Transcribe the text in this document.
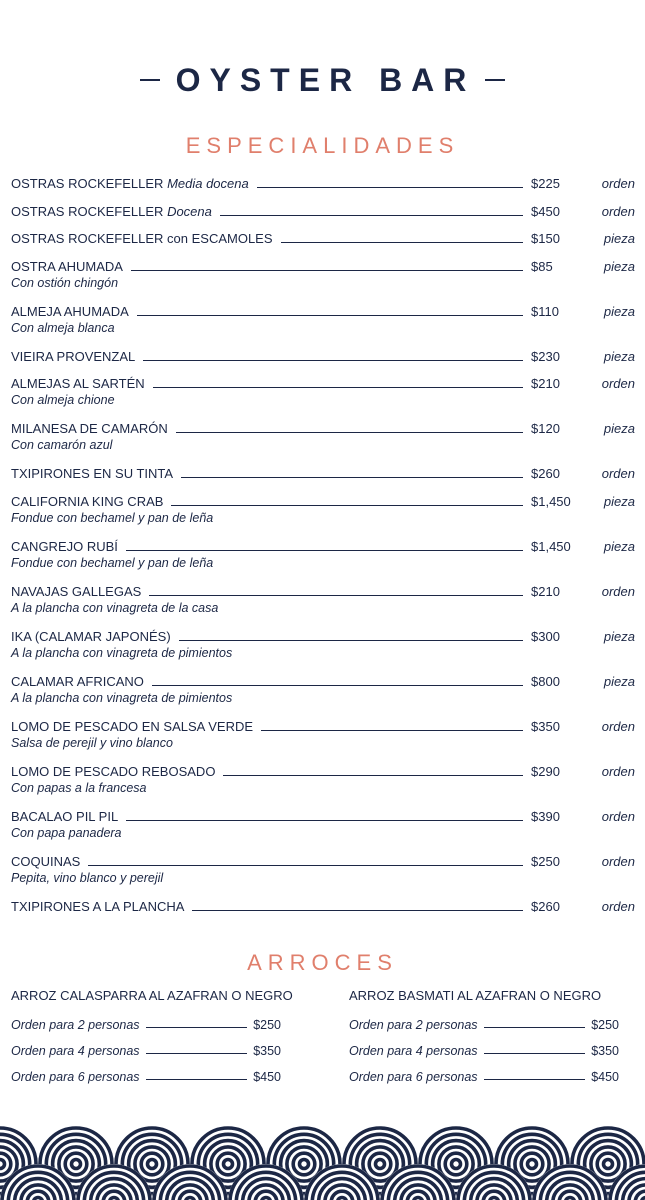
OYSTER BAR
ESPECIALIDADES
OSTRAS ROCKEFELLER Media docena	$225	orden
OSTRAS ROCKEFELLER Docena	$450	orden
OSTRAS ROCKEFELLER con ESCAMOLES	$150	pieza
OSTRA AHUMADA	$85	pieza
Con ostión chingón
ALMEJA AHUMADA	$110	pieza
Con almeja blanca
VIEIRA PROVENZAL	$230	pieza
ALMEJAS AL SARTÉN	$210	orden
Con almeja chione
MILANESA DE CAMARÓN	$120	pieza
Con camarón azul
TXIPIRONES EN SU TINTA	$260	orden
CALIFORNIA KING CRAB	$1,450	pieza
Fondue con bechamel y pan de leña
CANGREJO RUBÍ	$1,450	pieza
Fondue con bechamel y pan de leña
NAVAJAS GALLEGAS	$210	orden
A la plancha con vinagreta de la casa
IKA (CALAMAR JAPONÉS)	$300	pieza
A la plancha con vinagreta de pimientos
CALAMAR AFRICANO	$800	pieza
A la plancha con vinagreta de pimientos
LOMO DE PESCADO EN SALSA VERDE	$350	orden
Salsa de perejil y vino blanco
LOMO DE PESCADO REBOSADO	$290	orden
Con papas a la francesa
BACALAO PIL PIL	$390	orden
Con papa panadera
COQUINAS	$250	orden
Pepita, vino blanco y perejil
TXIPIRONES A LA PLANCHA	$260	orden
ARROCES
ARROZ CALASPARRA AL AZAFRAN O NEGRO
Orden para 2 personas	$250
Orden para 4 personas	$350
Orden para 6 personas	$450
ARROZ BASMATI AL AZAFRAN O NEGRO
Orden para 2 personas	$250
Orden para 4 personas	$350
Orden para 6 personas	$450
